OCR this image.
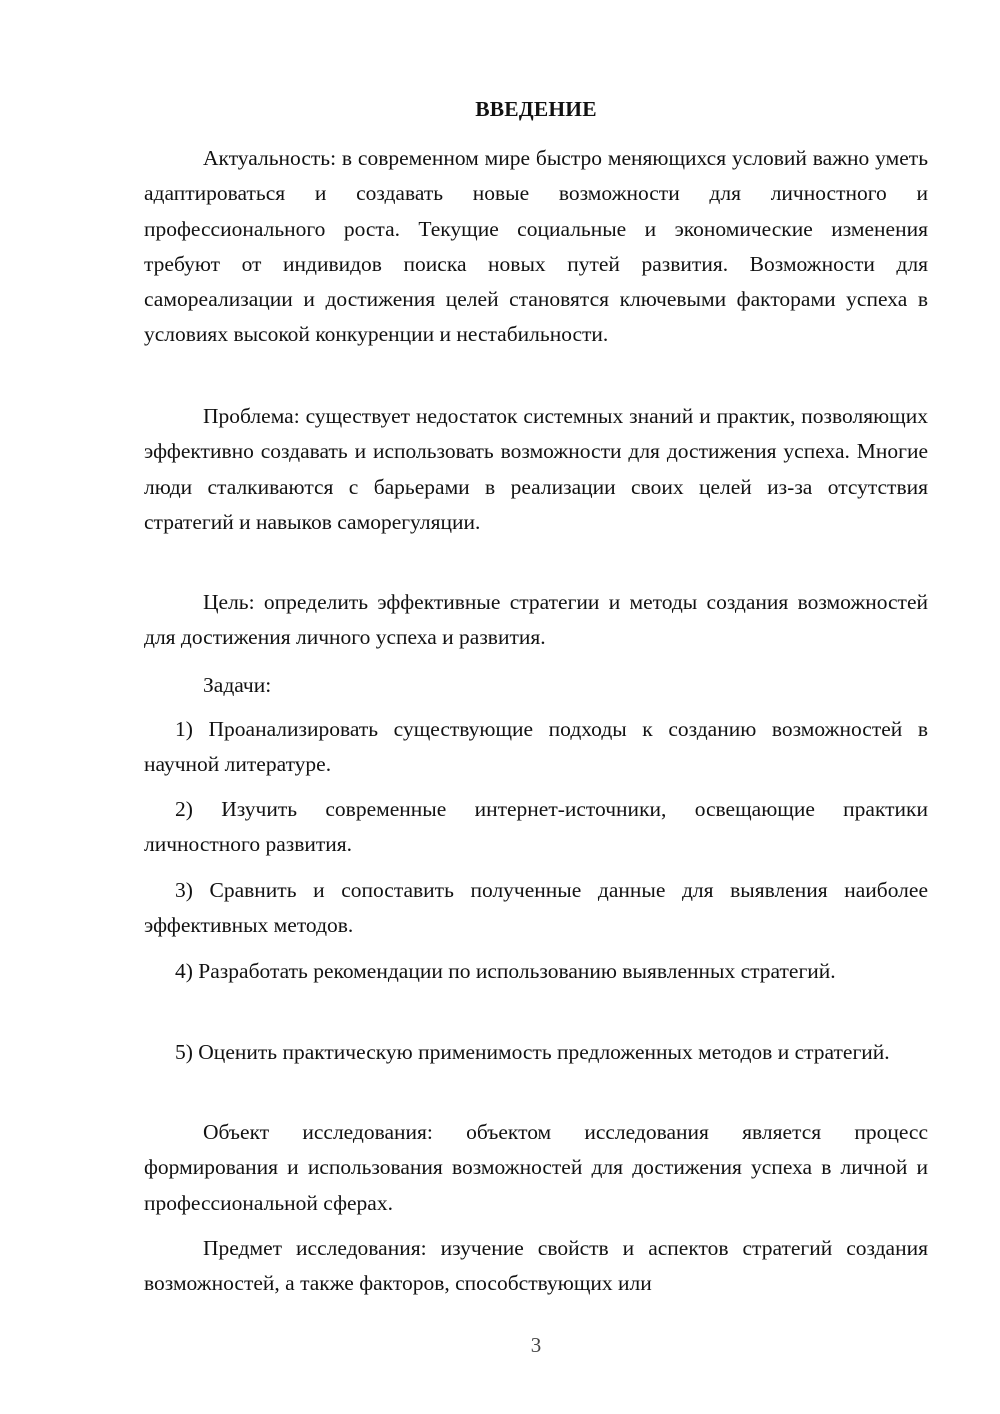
ВВЕДЕНИЕ

Актуальность: в современном мире быстро меняющихся условий важно уметь адаптироваться и создавать новые возможности для личностного и профессионального роста. Текущие социальные и экономические изменения требуют от индивидов поиска новых путей развития. Возможности для самореализации и достижения целей становятся ключевыми факторами успеха в условиях высокой конкуренции и нестабильности.

Проблема: существует недостаток системных знаний и практик, позволяющих эффективно создавать и использовать возможности для достижения успеха. Многие люди сталкиваются с барьерами в реализации своих целей из-за отсутствия стратегий и навыков саморегуляции.

Цель: определить эффективные стратегии и методы создания возможностей для достижения личного успеха и развития.

Задачи:

1) Проанализировать существующие подходы к созданию возможностей в научной литературе.

2) Изучить современные интернет-источники, освещающие практики личностного развития.

3) Сравнить и сопоставить полученные данные для выявления наиболее эффективных методов.

4) Разработать рекомендации по использованию выявленных стратегий.

5) Оценить практическую применимость предложенных методов и стратегий.

Объект исследования: объектом исследования является процесс формирования и использования возможностей для достижения успеха в личной и профессиональной сферах.

Предмет исследования: изучение свойств и аспектов стратегий создания возможностей, а также факторов, способствующих или

3
